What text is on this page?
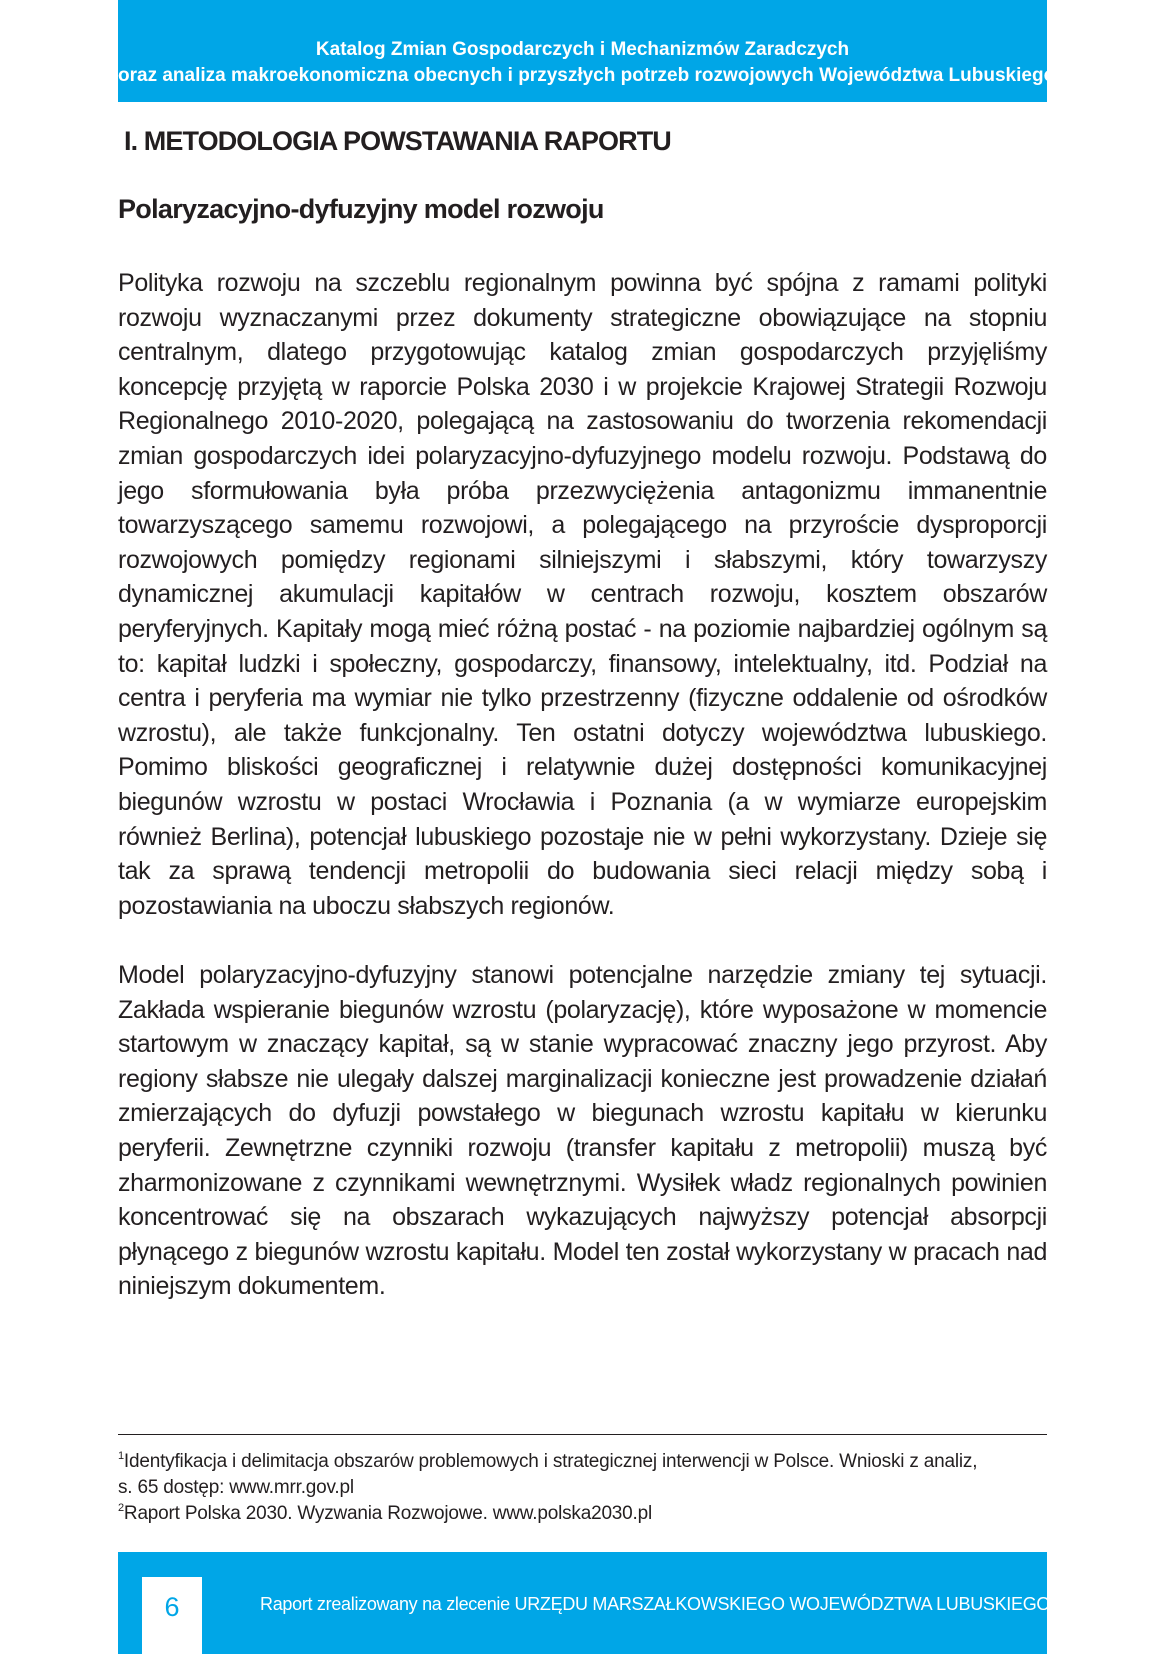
Katalog Zmian Gospodarczych i Mechanizmów Zaradczych
oraz analiza makroekonomiczna obecnych i przyszłych potrzeb rozwojowych Województwa Lubuskiego
I. METODOLOGIA POWSTAWANIA RAPORTU
Polaryzacyjno-dyfuzyjny model rozwoju

Polityka rozwoju na szczeblu regionalnym powinna być spójna z ramami polityki rozwoju wyznaczanymi przez dokumenty strategiczne obowiązujące na stopniu centralnym, dlatego przygotowując katalog zmian gospodarczych przyjęliśmy koncepcję przyjętą w raporcie Polska 2030 i w projekcie Krajowej Strategii Rozwoju Regionalnego 2010-2020, polegającą na zastosowaniu do tworzenia rekomendacji zmian gospodarczych idei polaryzacyjno-dyfuzyjnego modelu rozwoju. Podstawą do jego sformułowania była próba przezwyciężenia antagonizmu immanentnie towarzyszącego samemu rozwojowi, a polegającego na przyroście dysproporcji rozwojowych pomiędzy regionami silniejszymi i słabszymi, który towarzyszy dynamicznej akumulacji kapitałów w centrach rozwoju, kosztem obszarów peryferyjnych. Kapitały mogą mieć różną postać - na poziomie najbardziej ogólnym są to: kapitał ludzki i społeczny, gospodarczy, finansowy, intelektualny, itd. Podział na centra i peryferia ma wymiar nie tylko przestrzenny (fizyczne oddalenie od ośrodków wzrostu), ale także funkcjonalny. Ten ostatni dotyczy województwa lubuskiego. Pomimo bliskości geograficznej i relatywnie dużej dostępności komunikacyjnej biegunów wzrostu w postaci Wrocławia i Poznania (a w wymiarze europejskim również Berlina), potencjał lubuskiego pozostaje nie w pełni wykorzystany. Dzieje się tak za sprawą tendencji metropolii do budowania sieci relacji między sobą i pozostawiania na uboczu słabszych regionów.

Model polaryzacyjno-dyfuzyjny stanowi potencjalne narzędzie zmiany tej sytuacji. Zakłada wspieranie biegunów wzrostu (polaryzację), które wyposażone w momencie startowym w znaczący kapitał, są w stanie wypracować znaczny jego przyrost. Aby regiony słabsze nie ulegały dalszej marginalizacji konieczne jest prowadzenie działań zmierzających do dyfuzji powstałego w biegunach wzrostu kapitału w kierunku peryferii. Zewnętrzne czynniki rozwoju (transfer kapitału z metropolii) muszą być zharmonizowane z czynnikami wewnętrznymi. Wysiłek władz regionalnych powinien koncentrować się na obszarach wykazujących najwyższy potencjał absorpcji płynącego z biegunów wzrostu kapitału. Model ten został wykorzystany w pracach nad niniejszym dokumentem.

$^1$Identyfikacja i delimitacja obszarów problemowych i strategicznej interwencji w Polsce. Wnioski z analiz,
s. 65 dostęp: www.mrr.gov.pl
$^2$Raport Polska 2030. Wyzwania Rozwojowe. www.polska2030.pl
6	Raport zrealizowany na zlecenie URZĘDU MARSZAŁKOWSKIEGO WOJEWÓDZTWA LUBUSKIEGO
